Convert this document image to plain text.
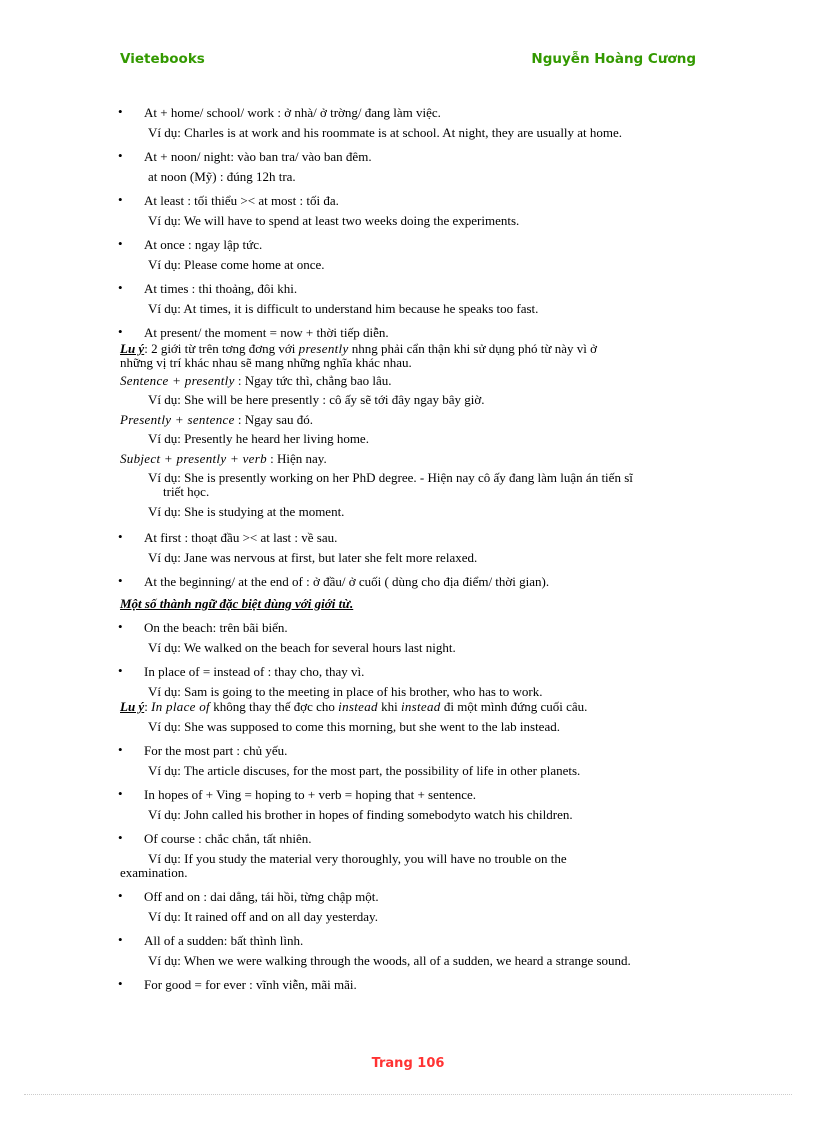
Vietebooks	Nguyễn Hoàng Cương
• At + home/ school/ work : ở nhà/ ở trờng/ đang làm việc.
Ví dụ: Charles is at work and his roommate is at school. At night, they are usually at home.
• At + noon/ night: vào ban tra/ vào ban đêm.
at noon (Mỹ) : đúng 12h tra.
• At least : tối thiểu >< at most : tối đa.
Ví dụ: We will have to spend at least two weeks doing the experiments.
• At once : ngay lập tức.
Ví dụ: Please come home at once.
• At times : thi thoảng, đôi khi.
Ví dụ: At times, it is difficult to understand him because he speaks too fast.
• At present/ the moment = now + thời tiếp diễn.
Lu ý: 2 giới từ trên tơng đơng với presently nhng phải cẩn thận khi sử dụng phó từ này vì ở
những vị trí khác nhau sẽ mang những nghĩa khác nhau.
Sentence + presently : Ngay tức thì, chẳng bao lâu.
Ví dụ: She will be here presently : cô ấy sẽ tới đây ngay bây giờ.
Presently + sentence : Ngay sau đó.
Ví dụ: Presently he heard her living home.
Subject + presently + verb : Hiện nay.
Ví dụ: She is presently working on her PhD degree. - Hiện nay cô ấy đang làm luận án tiến sĩ
triết học.
Ví dụ: She is studying at the moment.
• At first : thoạt đầu >< at last : về sau.
Ví dụ: Jane was nervous at first, but later she felt more relaxed.
• At the beginning/ at the end of : ở đầu/ ở cuối ( dùng cho địa điểm/ thời gian).
Một số thành ngữ đặc biệt dùng với giới từ.
• On the beach: trên bãi biển.
Ví dụ: We walked on the beach for several hours last night.
• In place of = instead of : thay cho, thay vì.
Ví dụ: Sam is going to the meeting in place of his brother, who has to work.
Lu ý: In place of không thay thế đợc cho instead khi instead đi một mình đứng cuối câu.
Ví dụ: She was supposed to come this morning, but she went to the lab instead.
• For the most part : chủ yếu.
Ví dụ: The article discuses, for the most part, the possibility of life in other planets.
• In hopes of + Ving = hoping to + verb = hoping that + sentence.
Ví dụ: John called his brother in hopes of finding somebodyto watch his children.
• Of course : chắc chắn, tất nhiên.
Ví dụ: If you study the material very thoroughly, you will have no trouble on the
examination.
• Off and on : dai dẳng, tái hồi, từng chập một.
Ví dụ: It rained off and on all day yesterday.
• All of a sudden: bất thình lình.
Ví dụ: When we were walking through the woods, all of a sudden, we heard a strange sound.
• For good = for ever : vĩnh viễn, mãi mãi.
Trang 106
